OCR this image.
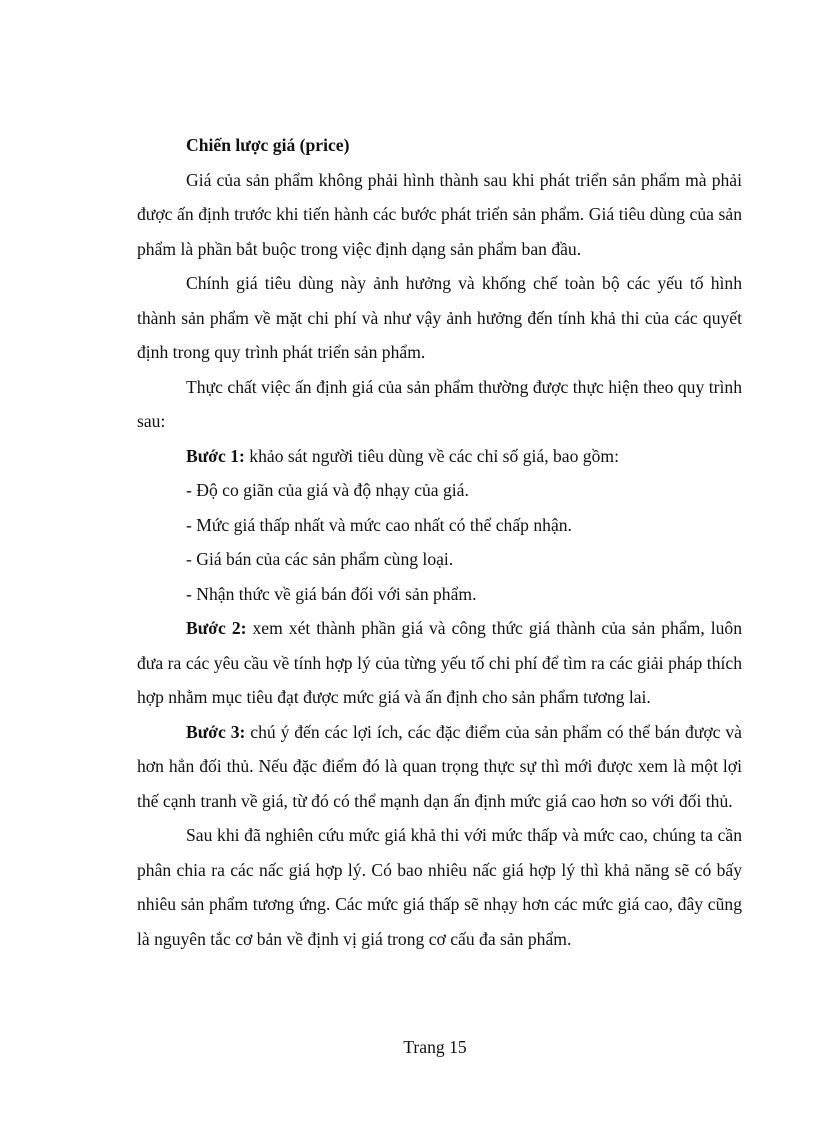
Chiến lược giá (price)

Giá của sản phẩm không phải hình thành sau khi phát triển sản phẩm mà phải được ấn định trước khi tiến hành các bước phát triển sản phẩm. Giá tiêu dùng của sản phẩm là phần bắt buộc trong việc định dạng sản phẩm ban đầu.

Chính giá tiêu dùng này ảnh hưởng và khống chế toàn bộ các yếu tố hình thành sản phẩm về mặt chi phí và như vậy ảnh hưởng đến tính khả thi của các quyết định trong quy trình phát triển sản phẩm.

Thực chất việc ấn định giá của sản phẩm thường được thực hiện theo quy trình sau:

Bước 1: khảo sát người tiêu dùng về các chỉ số giá, bao gồm:

- Độ co giãn của giá và độ nhạy của giá.

- Mức giá thấp nhất và mức cao nhất có thể chấp nhận.

- Giá bán của các sản phẩm cùng loại.

- Nhận thức về giá bán đối với sản phẩm.

Bước 2: xem xét thành phần giá và công thức giá thành của sản phẩm, luôn đưa ra các yêu cầu về tính hợp lý của từng yếu tố chi phí để tìm ra các giải pháp thích hợp nhằm mục tiêu đạt được mức giá và ấn định cho sản phẩm tương lai.

Bước 3: chú ý đến các lợi ích, các đặc điểm của sản phẩm có thể bán được và hơn hẳn đối thủ. Nếu đặc điểm đó là quan trọng thực sự thì mới được xem là một lợi thế cạnh tranh về giá, từ đó có thể mạnh dạn ấn định mức giá cao hơn so với đối thủ.

Sau khi đã nghiên cứu mức giá khả thi với mức thấp và mức cao, chúng ta cần phân chia ra các nấc giá hợp lý. Có bao nhiêu nấc giá hợp lý thì khả năng sẽ có bấy nhiêu sản phẩm tương ứng. Các mức giá thấp sẽ nhạy hơn các mức giá cao, đây cũng là nguyên tắc cơ bản về định vị giá trong cơ cấu đa sản phẩm.

Trang 15
